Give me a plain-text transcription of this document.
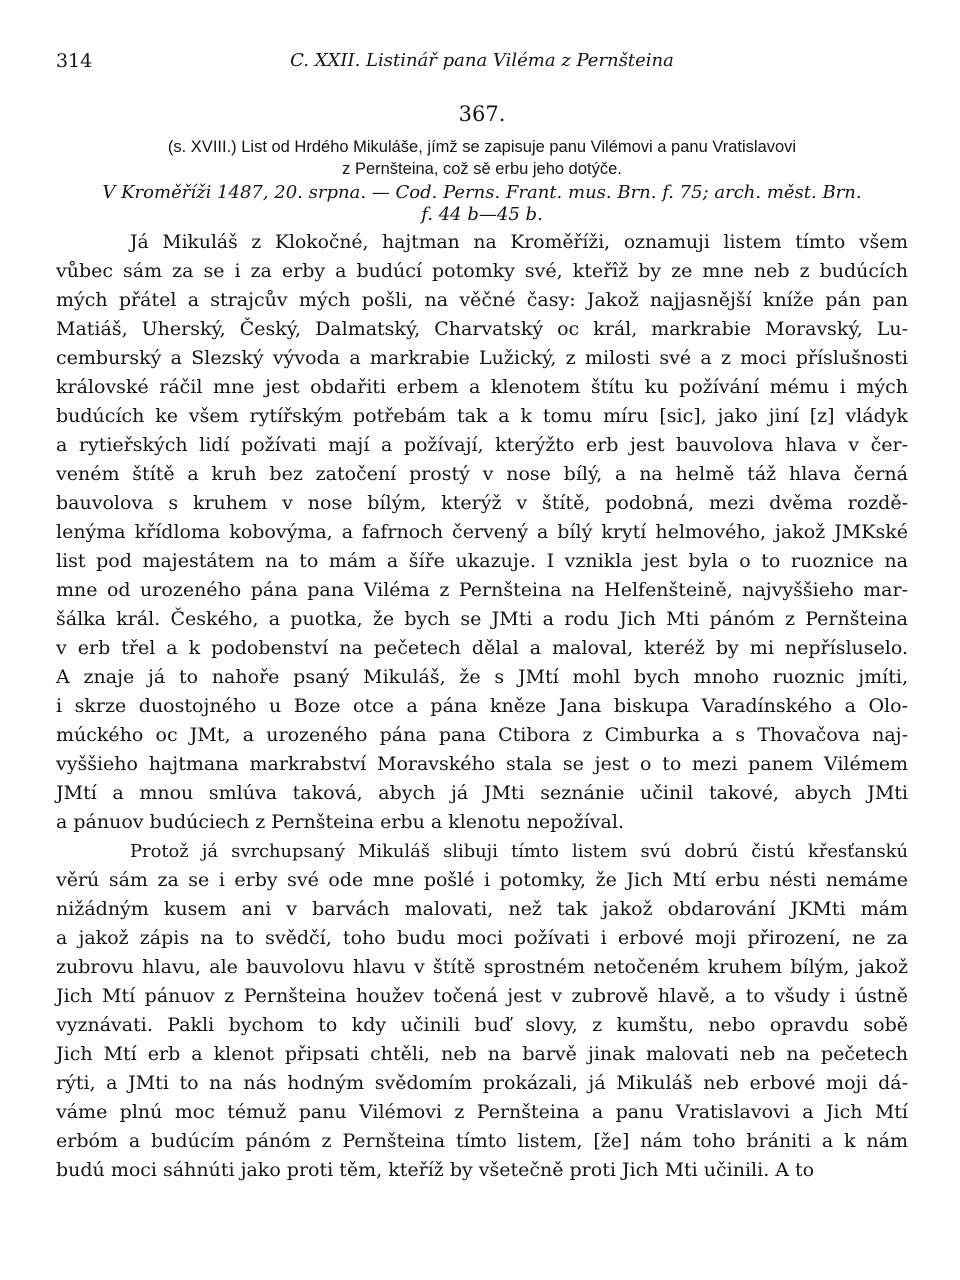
314	C. XXII. Listinář pana Viléma z Pernšteina
367.
(s. XVIII.) List od Hrdého Mikuláše, jímž se zapisuje panu Vilémovi a panu Vratislavovi
z Pernšteina, což sě erbu jeho dotýče.
V Kroměříži 1487, 20. srpna. — Cod. Perns. Frant. mus. Brn. f. 75; arch. měst. Brn.
f. 44 b—45 b.
Já Mikuláš z Klokočné, hajtman na Kroměříži, oznamuji listem tímto všem
vůbec sám za se i za erby a budúcí potomky své, kteřîž by ze mne neb z budúcích
mých přátel a strajcův mých pošli, na věčné časy: Jakož najjasnější kníže pán pan
Matiáš, Uherský, Český, Dalmatský, Charvatský oc král, markrabie Moravský, Lu-
cemburský a Slezský vývoda a markrabie Lužický, z milosti své a z moci příslušnosti
královské ráčil mne jest obdařiti erbem a klenotem štítu ku požívání mému i mých
budúcích ke všem rytířským potřebám tak a k tomu míru [sic], jako jiní [z] vládyk
a rytieřských lidí požívati mají a požívají, kterýžto erb jest bauvolova hlava v čer-
veném štítě a kruh bez zatočení prostý v nose bílý, a na helmě táž hlava černá
bauvolova s kruhem v nose bílým, kterýž v štítě, podobná, mezi dvěma rozdě-
lenýma křídloma kobovýma, a fafrnoch červený a bílý krytí helmového, jakož JMKské
list pod majestátem na to mám a šíře ukazuje. I vznikla jest byla o to ruoznice na
mne od urozeného pána pana Viléma z Pernšteina na Helfenšteině, najvyššieho mar-
šálka král. Českého, a puotka, že bych se JMti a rodu Jich Mti pánóm z Pernšteina
v erb třel a k podobenství na pečetech dělal a maloval, kteréž by mi nepřísluselo.
A znaje já to nahoře psaný Mikuláš, že s JMtí mohl bych mnoho ruoznic jmíti,
i skrze duostojného u Boze otce a pána kněze Jana biskupa Varadínského a Olo-
múckého oc JMt, a urozeného pána pana Ctibora z Cimburka a s Thovačova naj-
vyššieho hajtmana markrabství Moravského stala se jest o to mezi panem Vilémem
JMtí a mnou smlúva taková, abych já JMti seznánie učinil takové, abych JMti
a pánuov budúciech z Pernšteina erbu a klenotu nepožíval.
Protož já svrchupsaný Mikuláš slibuji tímto listem svú dobrú čistú křesťanskú
věrú sám za se i erby své ode mne pošlé i potomky, že Jich Mtí erbu nésti nemáme
nižádným kusem ani v barvách malovati, než tak jakož obdarování JKMti mám
a jakož zápis na to svědčí, toho budu moci požívati i erbové moji přirození, ne za
zubrovu hlavu, ale bauvolovu hlavu v štítě sprostném netočeném kruhem bílým, jakož
Jich Mtí pánuov z Pernšteina houžev točená jest v zubrově hlavě, a to všudy i ústně
vyznávati. Pakli bychom to kdy učinili buď slovy, z kumštu, nebo opravdu sobě
Jich Mtí erb a klenot připsati chtěli, neb na barvě jinak malovati neb na pečetech
rýti, a JMti to na nás hodným svědomím prokázali, já Mikuláš neb erbové moji dá-
váme plnú moc témuž panu Vilémovi z Pernšteina a panu Vratislavovi a Jich Mtí
erbóm a budúcím pánóm z Pernšteina tímto listem, [že] nám toho brániti a k nám
budú moci sáhnúti jako proti těm, kteříž by všetečně proti Jich Mti učinili. A to
